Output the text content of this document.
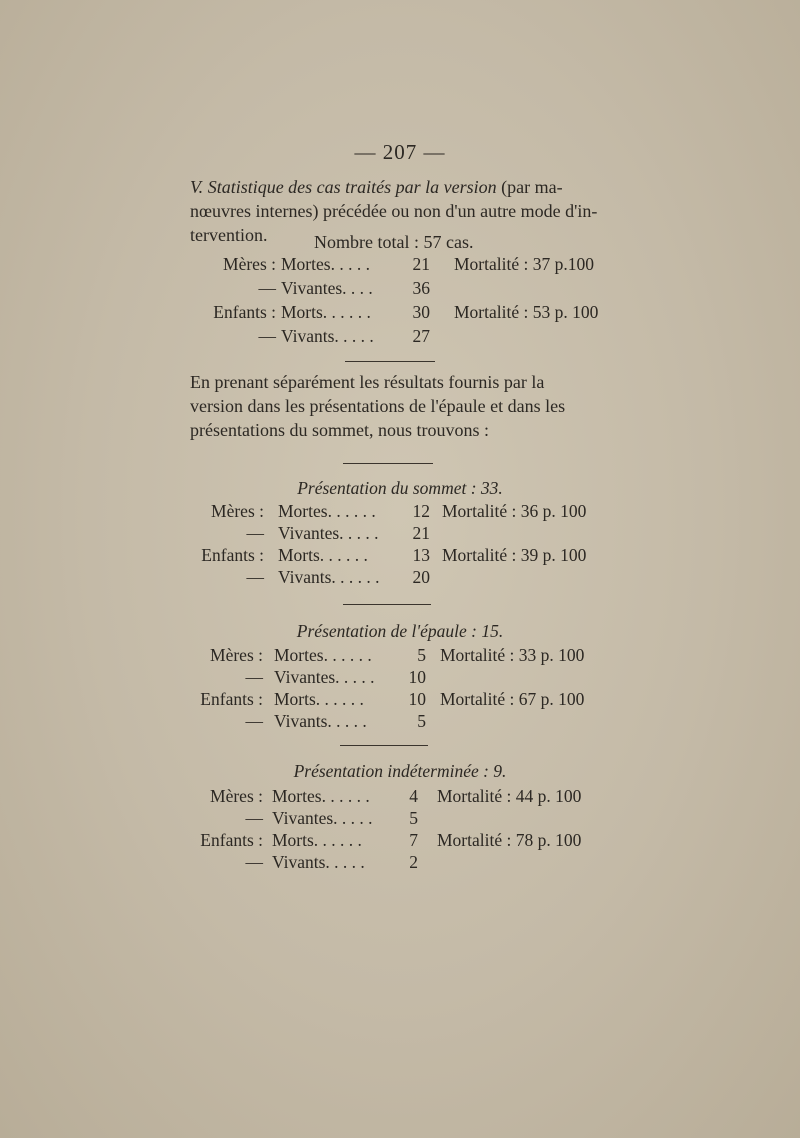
— 207 —
V. Statistique des cas traités par la version (par ma-
nœuvres internes) précédée ou non d'un autre mode d'in-
tervention.	Nombre total : 57 cas.
Mères : Mortes. . . . . 21 Mortalité : 37 p.100
— Vivantes. . . . 36
Enfants : Morts. . . . . . 30 Mortalité : 53 p. 100
— Vivants. . . . . 27
En prenant séparément les résultats fournis par la
version dans les présentations de l'épaule et dans les
présentations du sommet, nous trouvons :
Présentation du sommet : 33.
Mères : Mortes. . . . . . 12 Mortalité : 36 p. 100
— Vivantes. . . . . 21
Enfants : Morts. . . . . .	13 Mortalité : 39 p. 100
— Vivants. . . . . . 20
Présentation de l'épaule : 15.
Mères : Mortes. . . . . .	5 Mortalité : 33 p. 100
— Vivantes. . . . . 10
Enfants : Morts. . . . . .	10 Mortalité : 67 p. 100
— Vivants. . . . .	5
Présentation indéterminée : 9.
Mères : Mortes. . . . . . 4 Mortalité : 44 p. 100
— Vivantes. . . . . 5
Enfants : Morts. . . . . .	7 Mortalité : 78 p. 100
— Vivants. . . . .	2
